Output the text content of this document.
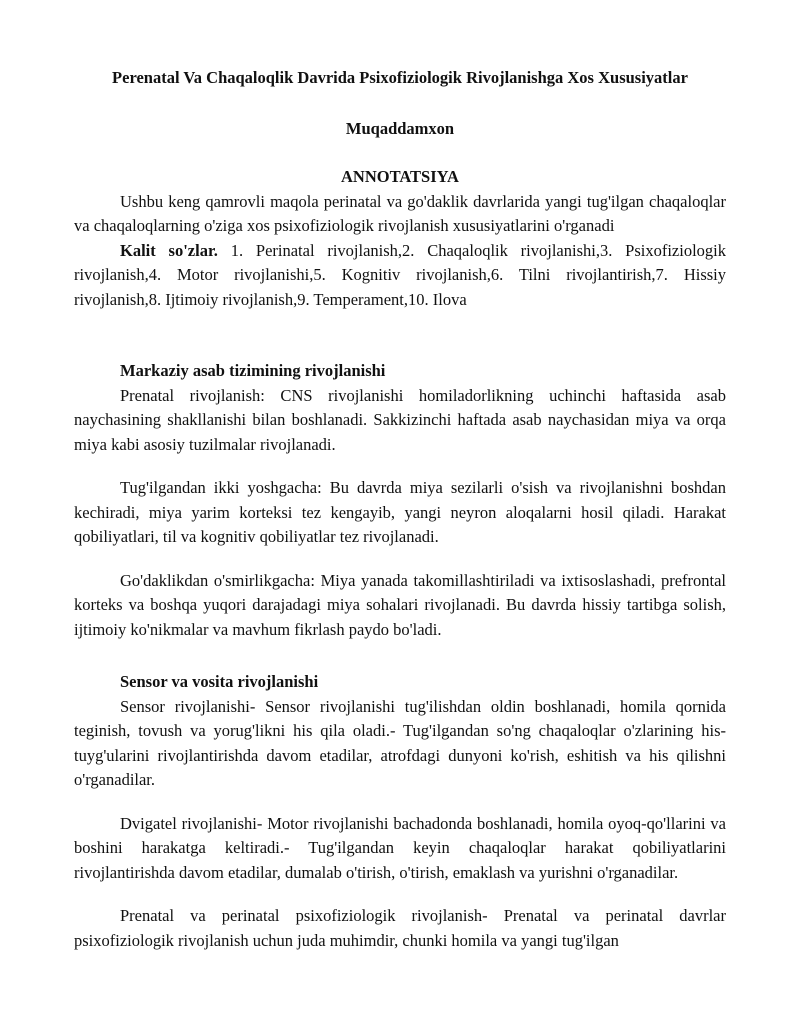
Perenatal Va Chaqaloqlik Davrida Psixofiziologik Rivojlanishga Xos Xususiyatlar
Muqaddamxon
ANNOTATSIYA

Ushbu keng qamrovli maqola perinatal va go'daklik davrlarida yangi tug'ilgan chaqaloqlar va chaqaloqlarning o'ziga xos psixofiziologik rivojlanish xususiyatlarini o'rganadi

Kalit so'zlar. 1. Perinatal rivojlanish,2. Chaqaloqlik rivojlanishi,3. Psixofiziologik rivojlanish,4. Motor rivojlanishi,5. Kognitiv rivojlanish,6. Tilni rivojlantirish,7. Hissiy rivojlanish,8. Ijtimoiy rivojlanish,9. Temperament,10. Ilova

Markaziy asab tizimining rivojlanishi

Prenatal rivojlanish: CNS rivojlanishi homiladorlikning uchinchi haftasida asab naychasining shakllanishi bilan boshlanadi. Sakkizinchi haftada asab naychasidan miya va orqa miya kabi asosiy tuzilmalar rivojlanadi.

Tug'ilgandan ikki yoshgacha: Bu davrda miya sezilarli o'sish va rivojlanishni boshdan kechiradi, miya yarim korteksi tez kengayib, yangi neyron aloqalarni hosil qiladi. Harakat qobiliyatlari, til va kognitiv qobiliyatlar tez rivojlanadi.

Go'daklikdan o'smirlikgacha: Miya yanada takomillashtiriladi va ixtisoslashadi, prefrontal korteks va boshqa yuqori darajadagi miya sohalari rivojlanadi. Bu davrda hissiy tartibga solish, ijtimoiy ko'nikmalar va mavhum fikrlash paydo bo'ladi.

Sensor va vosita rivojlanishi

Sensor rivojlanishi- Sensor rivojlanishi tug'ilishdan oldin boshlanadi, homila qornida teginish, tovush va yorug'likni his qila oladi.- Tug'ilgandan so'ng chaqaloqlar o'zlarining his-tuyg'ularini rivojlantirishda davom etadilar, atrofdagi dunyoni ko'rish, eshitish va his qilishni o'rganadilar.

Dvigatel rivojlanishi- Motor rivojlanishi bachadonda boshlanadi, homila oyoq-qo'llarini va boshini harakatga keltiradi.- Tug'ilgandan keyin chaqaloqlar harakat qobiliyatlarini rivojlantirishda davom etadilar, dumalab o'tirish, o'tirish, emaklash va yurishni o'rganadilar.

Prenatal va perinatal psixofiziologik rivojlanish- Prenatal va perinatal davrlar psixofiziologik rivojlanish uchun juda muhimdir, chunki homila va yangi tug'ilgan
